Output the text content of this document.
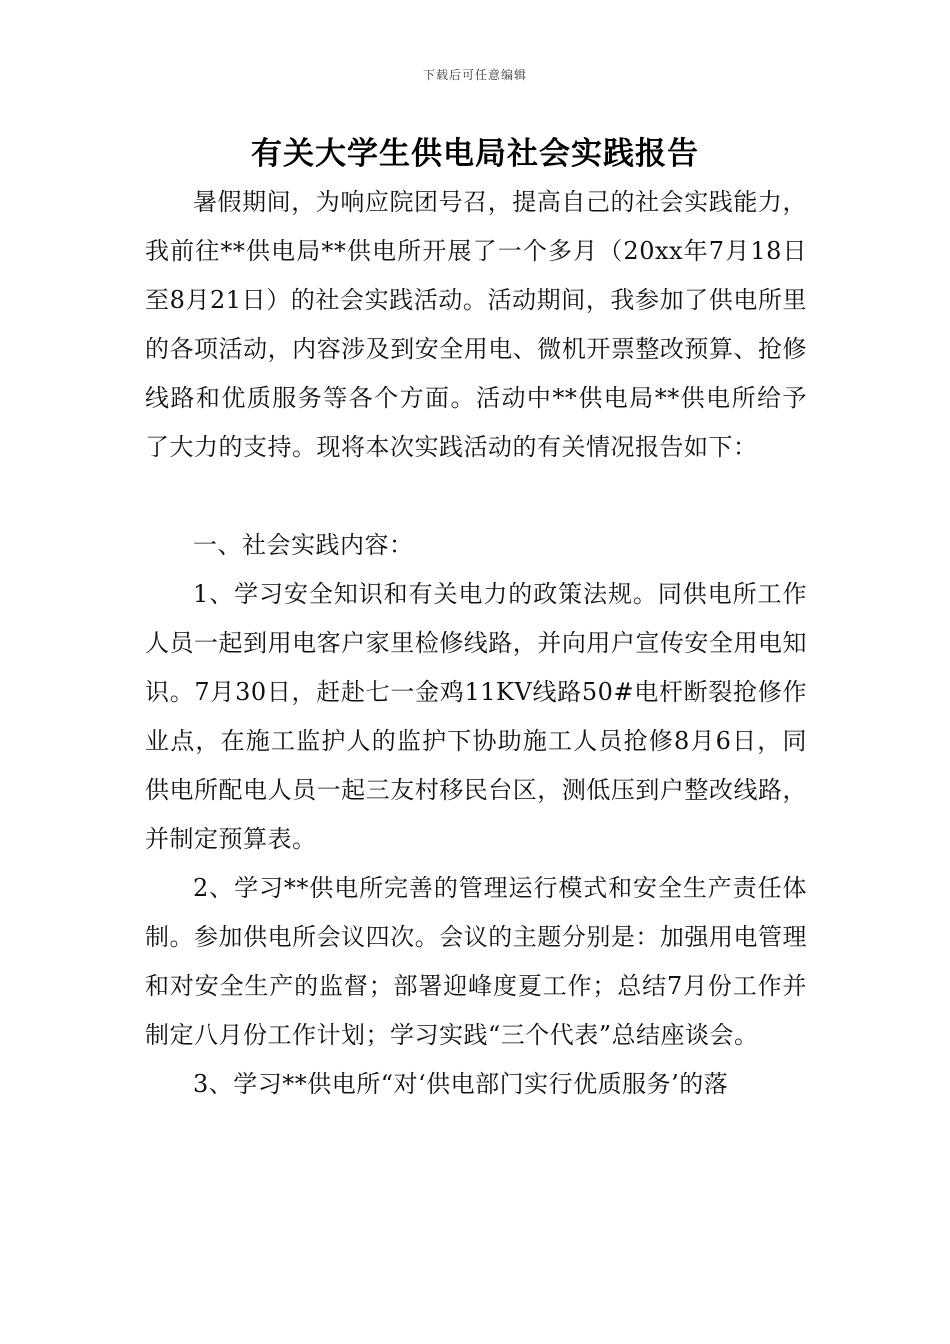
下载后可任意编辑
有关大学生供电局社会实践报告

暑假期间，为响应院团号召，提高自己的社会实践能力，我前往**供电局**供电所开展了一个多月（20xx年7月18日至8月21日）的社会实践活动。活动期间，我参加了供电所里的各项活动，内容涉及到安全用电、微机开票整改预算、抢修线路和优质服务等各个方面。活动中**供电局**供电所给予了大力的支持。现将本次实践活动的有关情况报告如下：

一、社会实践内容：

1、学习安全知识和有关电力的政策法规。同供电所工作人员一起到用电客户家里检修线路，并向用户宣传安全用电知识。7月30日，赶赴七一金鸡11KV线路50#电杆断裂抢修作业点，在施工监护人的监护下协助施工人员抢修8月6日，同供电所配电人员一起三友村移民台区，测低压到户整改线路，并制定预算表。

2、学习**供电所完善的管理运行模式和安全生产责任体制。参加供电所会议四次。会议的主题分别是：加强用电管理和对安全生产的监督；部署迎峰度夏工作；总结7月份工作并制定八月份工作计划；学习实践“三个代表”总结座谈会。

3、学习**供电所“对‘供电部门实行优质服务’的落
